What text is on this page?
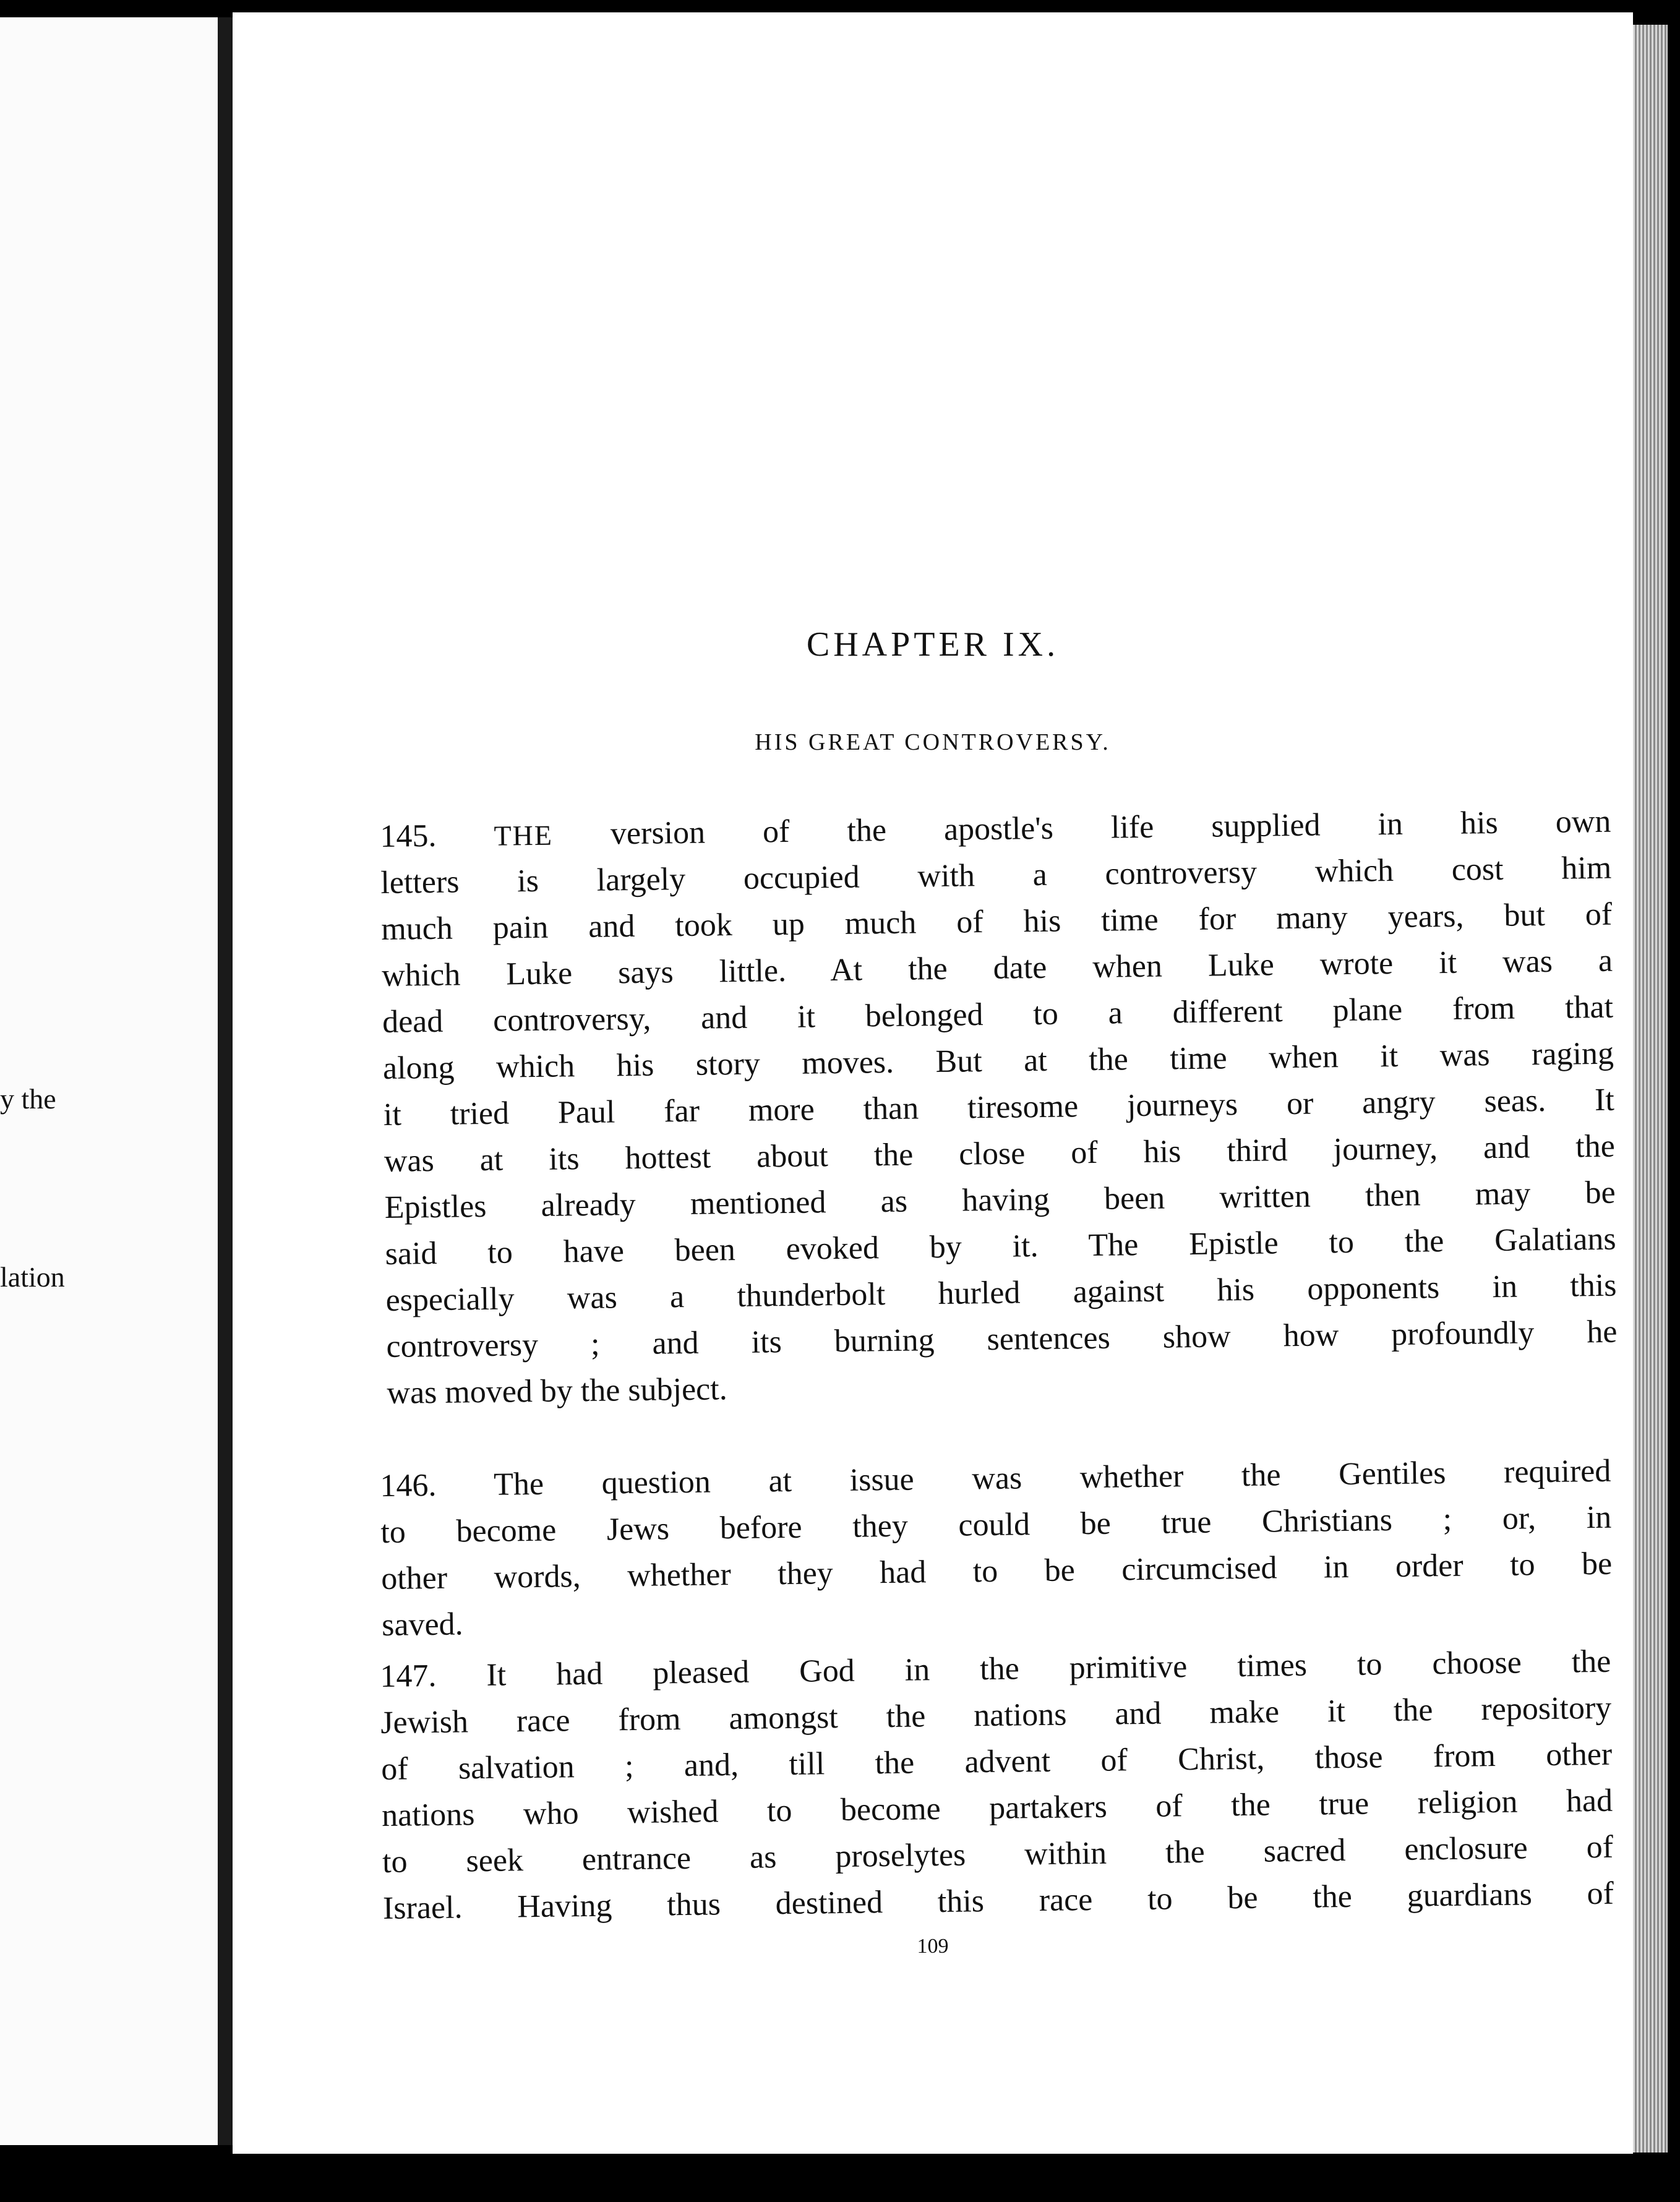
y the
lation
CHAPTER IX.
HIS GREAT CONTROVERSY.
145. THE version of the apostle's life supplied in his own
letters is largely occupied with a controversy which cost him
much pain and took up much of his time for many years, but of
which Luke says little. At the date when Luke wrote it was a
dead controversy, and it belonged to a different plane from that
along which his story moves. But at the time when it was raging
it tried Paul far more than tiresome journeys or angry seas. It
was at its hottest about the close of his third journey, and the
Epistles already mentioned as having been written then may be
said to have been evoked by it. The Epistle to the Galatians
especially was a thunderbolt hurled against his opponents in this
controversy ; and its burning sentences show how profoundly he
was moved by the subject.
146. The question at issue was whether the Gentiles required
to become Jews before they could be true Christians ; or, in
other words, whether they had to be circumcised in order to be
saved.
147. It had pleased God in the primitive times to choose the
Jewish race from amongst the nations and make it the repository
of salvation ; and, till the advent of Christ, those from other
nations who wished to become partakers of the true religion had
to seek entrance as proselytes within the sacred enclosure of
Israel. Having thus destined this race to be the guardians of
109
